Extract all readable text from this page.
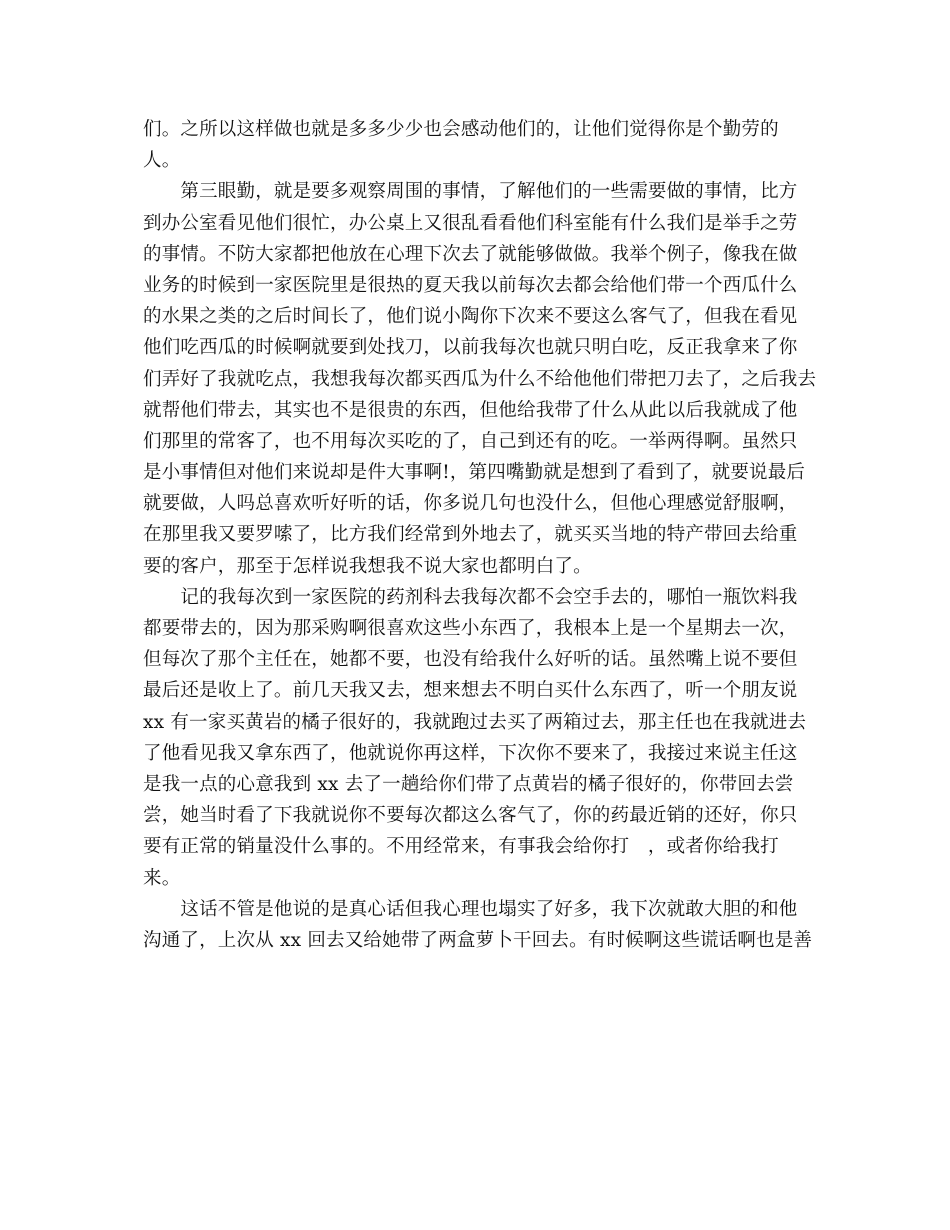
们。之所以这样做也就是多多少少也会感动他们的，让他们觉得你是个勤劳的
人。
　　第三眼勤，就是要多观察周围的事情，了解他们的一些需要做的事情，比方
到办公室看见他们很忙，办公桌上又很乱看看他们科室能有什么我们是举手之劳
的事情。不防大家都把他放在心理下次去了就能够做做。我举个例子，像我在做
业务的时候到一家医院里是很热的夏天我以前每次去都会给他们带一个西瓜什么
的水果之类的之后时间长了，他们说小陶你下次来不要这么客气了，但我在看见
他们吃西瓜的时候啊就要到处找刀，以前我每次也就只明白吃，反正我拿来了你
们弄好了我就吃点，我想我每次都买西瓜为什么不给他他们带把刀去了，之后我去
就帮他们带去，其实也不是很贵的东西，但他给我带了什么从此以后我就成了他
们那里的常客了，也不用每次买吃的了，自己到还有的吃。一举两得啊。虽然只
是小事情但对他们来说却是件大事啊!，第四嘴勤就是想到了看到了，就要说最后
就要做，人吗总喜欢听好听的话，你多说几句也没什么，但他心理感觉舒服啊，
在那里我又要罗嗦了，比方我们经常到外地去了，就买买当地的特产带回去给重
要的客户，那至于怎样说我想我不说大家也都明白了。
　　记的我每次到一家医院的药剂科去我每次都不会空手去的，哪怕一瓶饮料我
都要带去的，因为那采购啊很喜欢这些小东西了，我根本上是一个星期去一次，
但每次了那个主任在，她都不要，也没有给我什么好听的话。虽然嘴上说不要但
最后还是收上了。前几天我又去，想来想去不明白买什么东西了，听一个朋友说
xx 有一家买黄岩的橘子很好的，我就跑过去买了两箱过去，那主任也在我就进去
了他看见我又拿东西了，他就说你再这样，下次你不要来了，我接过来说主任这
是我一点的心意我到 xx 去了一趟给你们带了点黄岩的橘子很好的，你带回去尝
尝，她当时看了下我就说你不要每次都这么客气了，你的药最近销的还好，你只
要有正常的销量没什么事的。不用经常来，有事我会给你打　，或者你给我打
来。
　　这话不管是他说的是真心话但我心理也塌实了好多，我下次就敢大胆的和他
沟通了，上次从 xx 回去又给她带了两盒萝卜干回去。有时候啊这些谎话啊也是善
